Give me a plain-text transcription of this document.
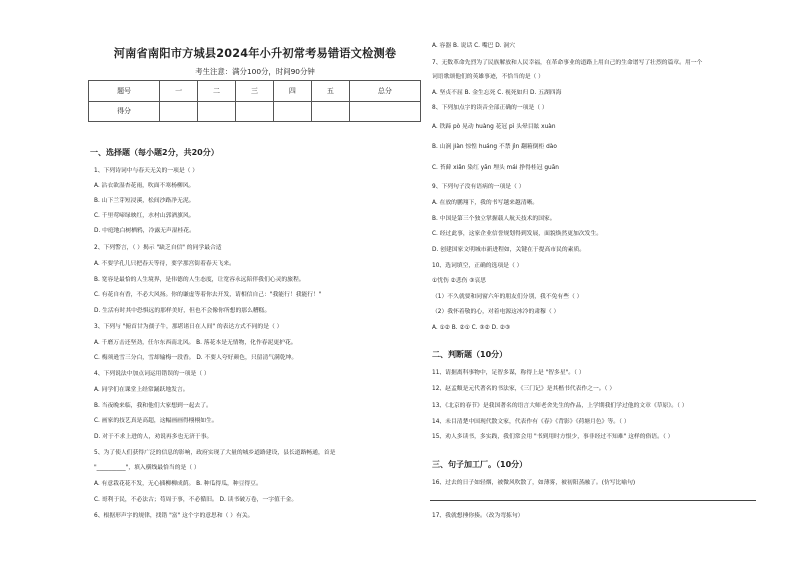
河南省南阳市方城县2024年小升初常考易错语文检测卷
考生注意：满分100分，时间90分钟
题号	一	二	三	四	五	总分
得分						
一、选择题（每小题2分，共20分）
1、下列诗词中与春天无关的一项是（ ）
A. 沾衣欲湿杏花雨，吹面不寒杨柳风。
B. 山下兰芽短浸溪，松间沙路净无泥。
C. 千里莺啼绿映红，水村山郭酒旗风。
D. 中庭地白树栖鸦，冷露无声湿桂花。
2、下列警言，（ ）揭示 "缺乏自信" 的同学最合适
A. 不要学孔儿只把春天等待，要学那宫街着春天飞来。
B. 宽容是最恰的人生境界，是伟德的人生态度，让宽容永远陪伴我们心灵的旅程。
C. 有花自有香，不必大风扬。你的谦虚等着你去开发，请相信自己："我能行！我能行！"
D. 生活有时其中恐惧远的那样美好，但也不会像你所想的那么糟糕。
3、下列与 "俯首甘为孺子牛，那堪诸日在人间" 的表达方式不同的是（ ）
A. 千磨万击还坚劲，任尔东西南北风。 B. 落花本是无情物，化作春泥更护花。
C. 梅须逊雪三分白，雪却输梅一段香。 D. 不要人夸好颜色，只留清气满乾坤。
4、下列说法中加点词运用错误的一项是（ ）
A. 同学们在课堂上经常踊跃地发言。
B. 当夜晚来临，我和他们大家想到一起去了。
C. 画家的技艺真是高超，这幅画画得栩栩如生。
D. 对于不求上进的人，劝说再多也无济于事。
5、为了使人们获得广泛的信息的影响，政府实现了大量的城乡道路建设，县长道路畅通，首是
"__________"，填入横线最恰当的是（ ）
A. 有意栽花花不发，无心插柳柳成荫。 B. 种瓜得瓜，种豆得豆。
C. 哥利于民，不必法古；苟周于事，不必循旧。 D. 读书破万卷，一字值千金。
6、根据形声字的规律，找错 "富" 这个字的意思和（ ）有关。
A. 容器 B. 说话 C. 嘴巴 D. 洞穴
7、无数革命先烈为了民族解放和人民幸福，在革命事业的道路上用自己的生命谱写了壮烈的篇章。用一个
词语歌颂他们的英雄事迹，不恰当的是（ ）
A. 坚贞不屈 B. 金生忘死 C. 视死如归 D. 五湖四海
8、下列加点字的读音全部正确的一项是（ ）
A. 铁蹄 pò 晃动 huàng 花冠 pì 头晕目眩 xuàn
B. 山涧 jiàn 惊惶 huáng 不禁 jìn 翻箱倒柜 dào
C. 苔藓 xiǎn 染红 yān 埋头 mái 挣得桂冠 guān
9、下列句子没有语病的一项是（ ）
A. 在放的鹏翔下，我的书写越来越清晰。
B. 中国是第三个独立掌握载人航天技术的国家。
C. 经过此事，这家企业信誉规划得到发展，面貌焕然更加次发生。
D. 创建国家文明城市新进程如，关键在于提高市民的素质。
10、选词填空，正确的选项是（ ）
①忧伤 ②悲伤 ③哀思
（1）不久就要和同窗六年的朋友们分别，我不免有些（ ）
（2）我怀着敬的心，对着电源这冰冷的肃穆（ ）
A. ①② B. ②① C. ③② D. ②③
二、判断题（10分）
11、请据离科事物中，足智多谋，称得上是 "智多星"。（ ）
12、赵孟頫是元代著名的书法家，《三门记》是其楷书代表作之一。（ ）
13、《北京的春节》是我国著名的语言大师老舍先生的作品，上学期我们学过他的文章《草原》。（ ）
14、未目清楚中国现代散文家，代表作有《春》《背影》《荷塘月色》等。（ ）
15、劝人多读书，多实践，我们常会用 "书到用时方恨少，事非经过不知难" 这样的俗语。（ ）
三、句子加工厂。（10分）
16、过去的日子如轻烟，被微风吹散了，如薄雾，被初阳蒸融了。(仿写比喻句)
17、我就想捶你揍。（改为弯拣句）
